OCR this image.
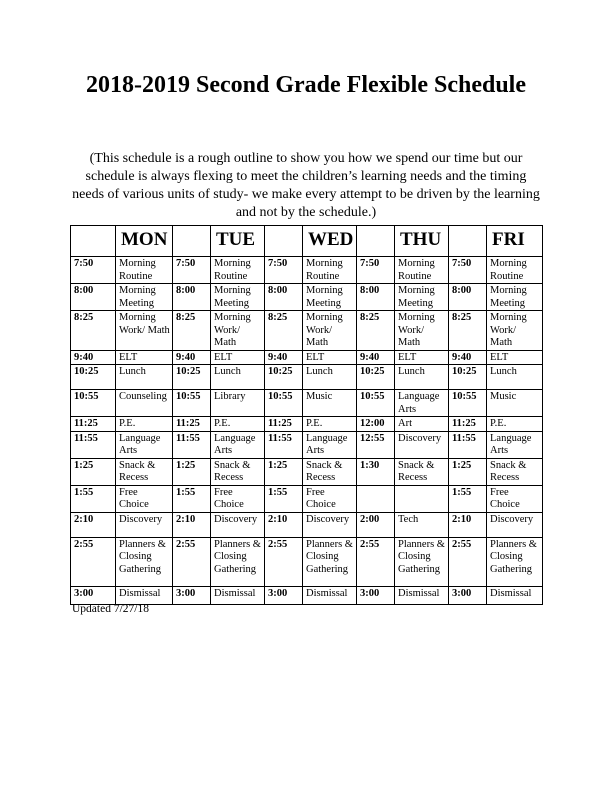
2018-2019 Second Grade Flexible Schedule
(This schedule is a rough outline to show you how we spend our time but our schedule is always flexing to meet the children’s learning needs and the timing needs of various units of study- we make every attempt to be driven by the learning and not by the schedule.)
	MON		TUE		WED		THU		FRI
7:50	Morning Routine	7:50	Morning Routine	7:50	Morning Routine	7:50	Morning Routine	7:50	Morning Routine
8:00	Morning Meeting	8:00	Morning Meeting	8:00	Morning Meeting	8:00	Morning Meeting	8:00	Morning Meeting
8:25	Morning Work/ Math	8:25	Morning Work/ Math	8:25	Morning Work/ Math	8:25	Morning Work/ Math	8:25	Morning Work/ Math
9:40	ELT	9:40	ELT	9:40	ELT	9:40	ELT	9:40	ELT
10:25	Lunch	10:25	Lunch	10:25	Lunch	10:25	Lunch	10:25	Lunch
10:55	Counseling	10:55	Library	10:55	Music	10:55	Language Arts	10:55	Music
11:25	P.E.	11:25	P.E.	11:25	P.E.	12:00	Art	11:25	P.E.
11:55	Language Arts	11:55	Language Arts	11:55	Language Arts	12:55	Discovery	11:55	Language Arts
1:25	Snack & Recess	1:25	Snack & Recess	1:25	Snack & Recess	1:30	Snack & Recess	1:25	Snack & Recess
1:55	Free Choice	1:55	Free Choice	1:55	Free Choice			1:55	Free Choice
2:10	Discovery	2:10	Discovery	2:10	Discovery	2:00	Tech	2:10	Discovery
2:55	Planners & Closing Gathering	2:55	Planners & Closing Gathering	2:55	Planners & Closing Gathering	2:55	Planners & Closing Gathering	2:55	Planners & Closing Gathering
3:00	Dismissal	3:00	Dismissal	3:00	Dismissal	3:00	Dismissal	3:00	Dismissal
Updated 7/27/18
